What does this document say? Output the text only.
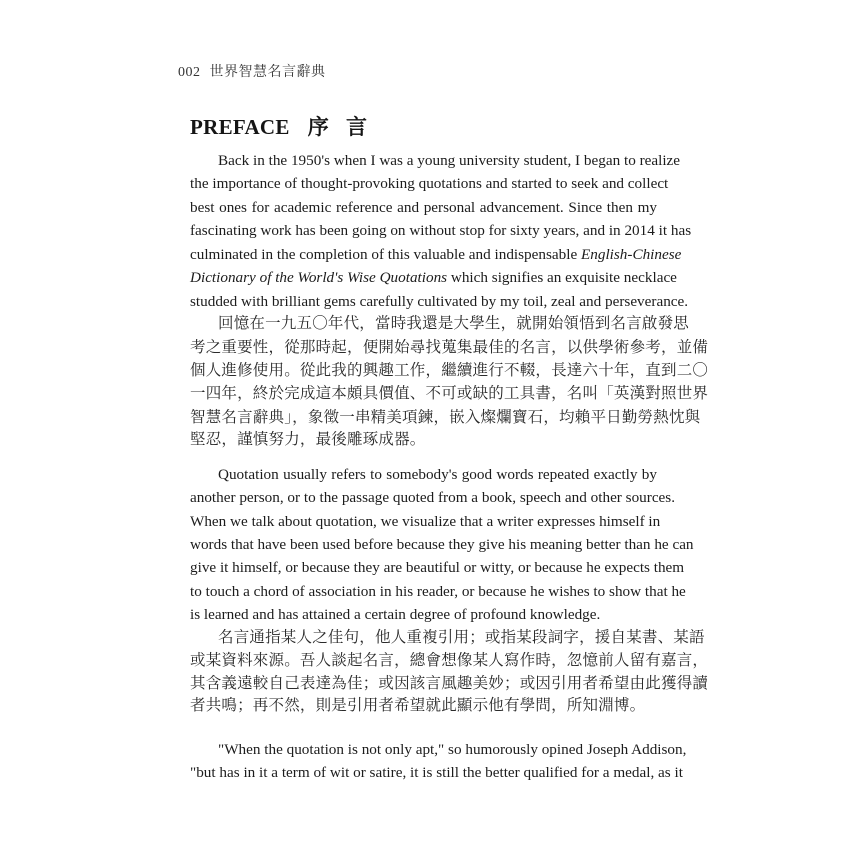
002 世界智慧名言辭典
PREFACE 序 言
Back in the 1950's when I was a young university student, I began to realize
the importance of thought-provoking quotations and started to seek and collect
best ones for academic reference and personal advancement. Since then my
fascinating work has been going on without stop for sixty years, and in 2014 it has
culminated in the completion of this valuable and indispensable English-Chinese
Dictionary of the World's Wise Quotations which signifies an exquisite necklace
studded with brilliant gems carefully cultivated by my toil, zeal and perseverance.
回憶在一九五〇年代，當時我還是大學生，就開始領悟到名言啟發思
考之重要性，從那時起，便開始尋找蒐集最佳的名言，以供學術參考，並備
個人進修使用。從此我的興趣工作，繼續進行不輟，長達六十年，直到二〇
一四年，終於完成這本頗具價值、不可或缺的工具書，名叫「英漢對照世界
智慧名言辭典」，象徵一串精美項鍊，嵌入燦爛寶石，均賴平日勤勞熱忱與
堅忍，謹慎努力，最後雕琢成器。
Quotation usually refers to somebody's good words repeated exactly by
another person, or to the passage quoted from a book, speech and other sources.
When we talk about quotation, we visualize that a writer expresses himself in
words that have been used before because they give his meaning better than he can
give it himself, or because they are beautiful or witty, or because he expects them
to touch a chord of association in his reader, or because he wishes to show that he
is learned and has attained a certain degree of profound knowledge.
名言通指某人之佳句，他人重複引用；或指某段詞字，援自某書、某語
或某資料來源。吾人談起名言，總會想像某人寫作時，忽憶前人留有嘉言，
其含義遠較自己表達為佳；或因該言風趣美妙；或因引用者希望由此獲得讀
者共鳴；再不然，則是引用者希望就此顯示他有學問，所知淵博。
"When the quotation is not only apt," so humorously opined Joseph Addison,
"but has in it a term of wit or satire, it is still the better qualified for a medal, as it
